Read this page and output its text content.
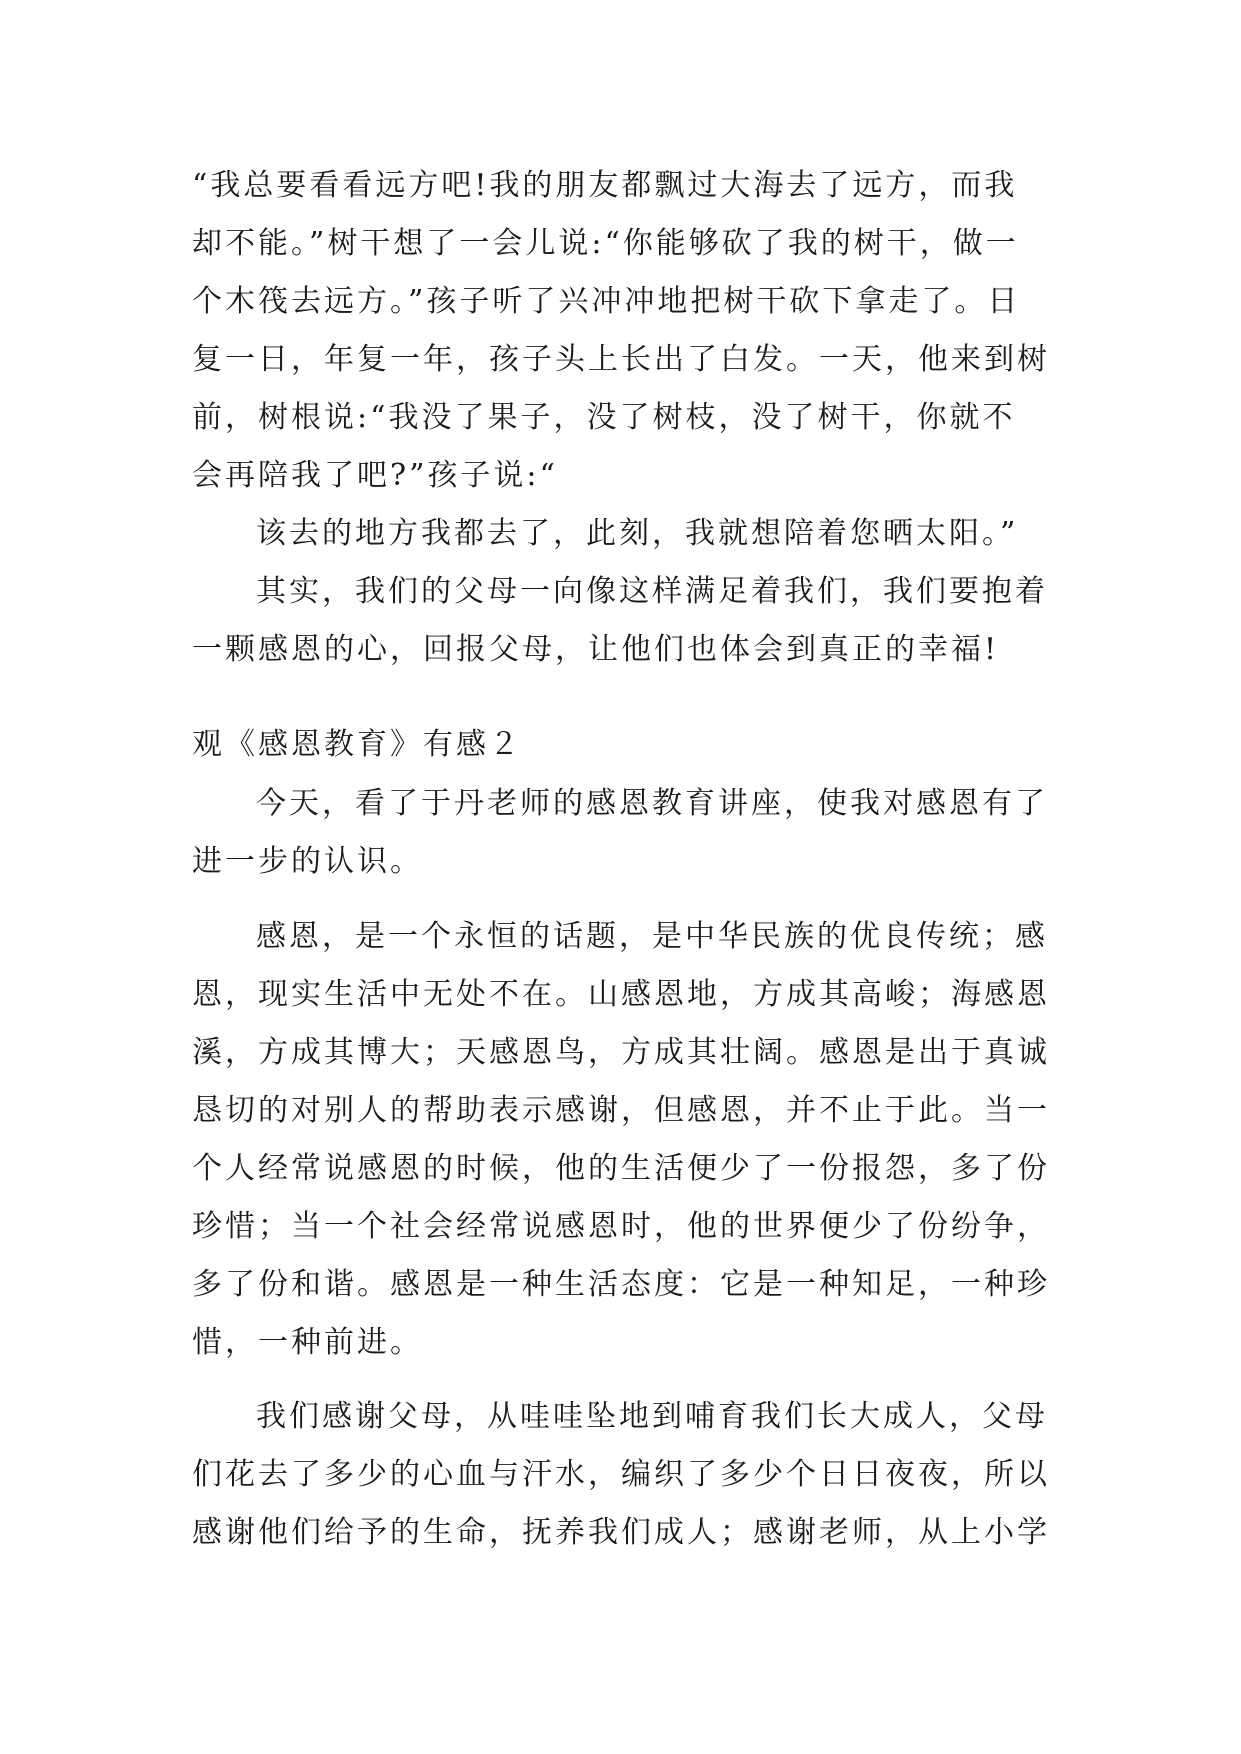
“我总要看看远方吧!我的朋友都飘过大海去了远方，而我
却不能。”树干想了一会儿说:“你能够砍了我的树干，做一
个木筏去远方。”孩子听了兴冲冲地把树干砍下拿走了。日
复一日，年复一年，孩子头上长出了白发。一天，他来到树
前，树根说:“我没了果子，没了树枝，没了树干，你就不
会再陪我了吧?”孩子说:“
该去的地方我都去了，此刻，我就想陪着您晒太阳。”
其实，我们的父母一向像这样满足着我们，我们要抱着
一颗感恩的心，回报父母，让他们也体会到真正的幸福!
观《感恩教育》有感２
今天，看了于丹老师的感恩教育讲座，使我对感恩有了
进一步的认识。
感恩，是一个永恒的话题，是中华民族的优良传统；感
恩，现实生活中无处不在。山感恩地，方成其高峻；海感恩
溪，方成其博大；天感恩鸟，方成其壮阔。感恩是出于真诚
恳切的对别人的帮助表示感谢，但感恩，并不止于此。当一
个人经常说感恩的时候，他的生活便少了一份报怨，多了份
珍惜；当一个社会经常说感恩时，他的世界便少了份纷争，
多了份和谐。感恩是一种生活态度：它是一种知足，一种珍
惜，一种前进。
我们感谢父母，从哇哇坠地到哺育我们长大成人，父母
们花去了多少的心血与汗水，编织了多少个日日夜夜，所以
感谢他们给予的生命，抚养我们成人；感谢老师，从上小学
